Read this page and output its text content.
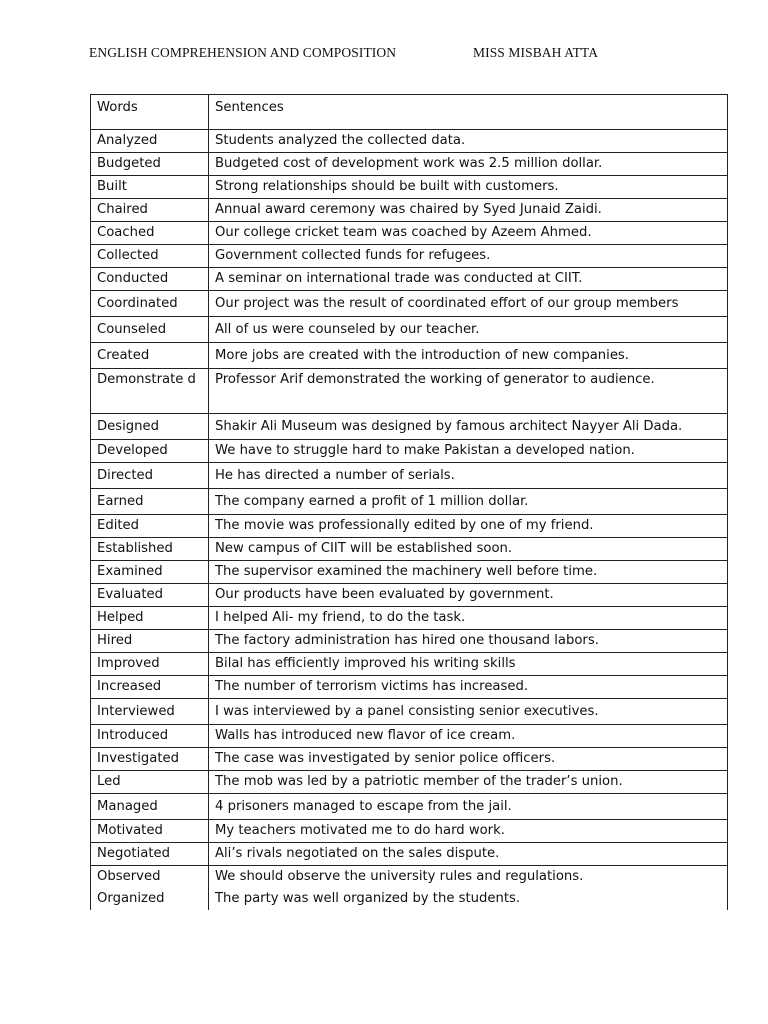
ENGLISH COMPREHENSION AND COMPOSITION	MISS MISBAH ATTA
Words	Sentences
Analyzed	Students analyzed the collected data.
Budgeted	Budgeted cost of development work was 2.5 million dollar.
Built	Strong relationships should be built with customers.
Chaired	Annual award ceremony was chaired by Syed Junaid Zaidi.
Coached	Our college cricket team was coached by Azeem Ahmed.
Collected	Government collected funds for refugees.
Conducted	A seminar on international trade was conducted at CIIT.
Coordinated	Our project was the result of coordinated effort of our group members
Counseled	All of us were counseled by our teacher.
Created	More jobs are created with the introduction of new companies.
Demonstrate d	Professor Arif demonstrated the working of generator to audience.
Designed	Shakir Ali Museum was designed by famous architect Nayyer Ali Dada.
Developed	We have to struggle hard to make Pakistan a developed nation.
Directed	He has directed a number of serials.
Earned	The company earned a profit of 1 million dollar.
Edited	The movie was professionally edited by one of my friend.
Established	New campus of CIIT will be established soon.
Examined	The supervisor examined the machinery well before time.
Evaluated	Our products have been evaluated by government.
Helped	I helped Ali- my friend, to do the task.
Hired	The factory administration has hired one thousand labors.
Improved	Bilal has efficiently improved his writing skills
Increased	The number of terrorism victims has increased.
Interviewed	I was interviewed by a panel consisting senior executives.
Introduced	Walls has introduced new flavor of ice cream.
Investigated	The case was investigated by senior police officers.
Led	The mob was led by a patriotic member of the trader’s union.
Managed	4 prisoners managed to escape from the jail.
Motivated	My teachers motivated me to do hard work.
Negotiated	Ali’s rivals negotiated on the sales dispute.
Observed	We should observe the university rules and regulations.
Organized	The party was well organized by the students.
